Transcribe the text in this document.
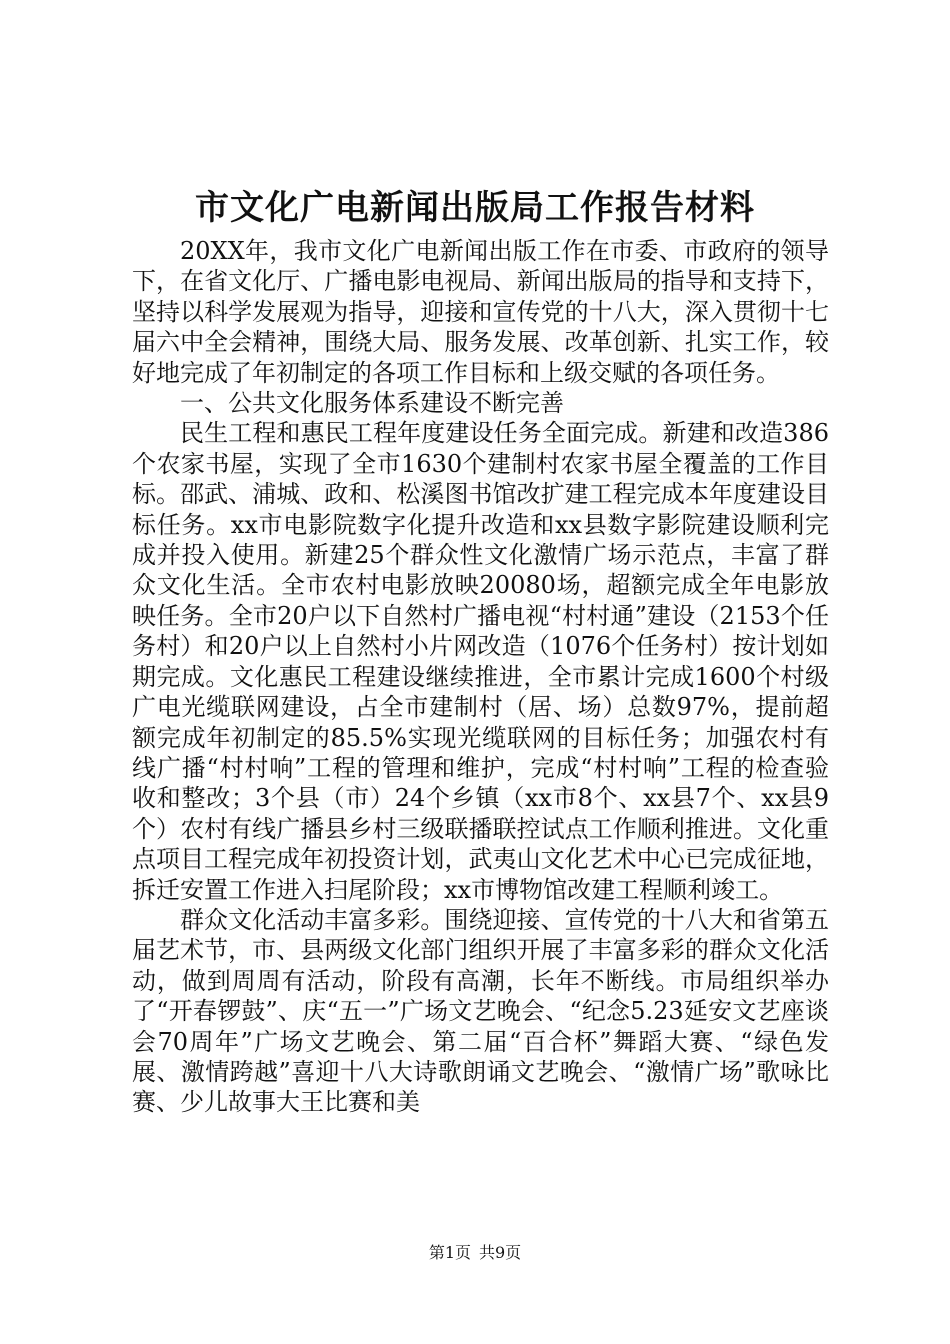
市文化广电新闻出版局工作报告材料

20XX年，我市文化广电新闻出版工作在市委、市政府的领导下，在省文化厅、广播电影电视局、新闻出版局的指导和支持下，坚持以科学发展观为指导，迎接和宣传党的十八大，深入贯彻十七届六中全会精神，围绕大局、服务发展、改革创新、扎实工作，较好地完成了年初制定的各项工作目标和上级交赋的各项任务。

一、公共文化服务体系建设不断完善

民生工程和惠民工程年度建设任务全面完成。新建和改造386个农家书屋，实现了全市1630个建制村农家书屋全覆盖的工作目标。邵武、浦城、政和、松溪图书馆改扩建工程完成本年度建设目标任务。xx市电影院数字化提升改造和xx县数字影院建设顺利完成并投入使用。新建25个群众性文化激情广场示范点，丰富了群众文化生活。全市农村电影放映20080场，超额完成全年电影放映任务。全市20户以下自然村广播电视“村村通”建设（2153个任务村）和20户以上自然村小片网改造（1076个任务村）按计划如期完成。文化惠民工程建设继续推进，全市累计完成1600个村级广电光缆联网建设，占全市建制村（居、场）总数97%，提前超额完成年初制定的85.5%实现光缆联网的目标任务；加强农村有线广播“村村响”工程的管理和维护，完成“村村响”工程的检查验收和整改；3个县（市）24个乡镇（xx市8个、xx县7个、xx县9个）农村有线广播县乡村三级联播联控试点工作顺利推进。文化重点项目工程完成年初投资计划，武夷山文化艺术中心已完成征地，拆迁安置工作进入扫尾阶段；xx市博物馆改建工程顺利竣工。

群众文化活动丰富多彩。围绕迎接、宣传党的十八大和省第五届艺术节，市、县两级文化部门组织开展了丰富多彩的群众文化活动，做到周周有活动，阶段有高潮，长年不断线。市局组织举办了“开春锣鼓”、庆“五一”广场文艺晚会、“纪念5.23延安文艺座谈会70周年”广场文艺晚会、第二届“百合杯”舞蹈大赛、“绿色发展、激情跨越”喜迎十八大诗歌朗诵文艺晚会、“激情广场”歌咏比赛、少儿故事大王比赛和美

第1页 共9页
